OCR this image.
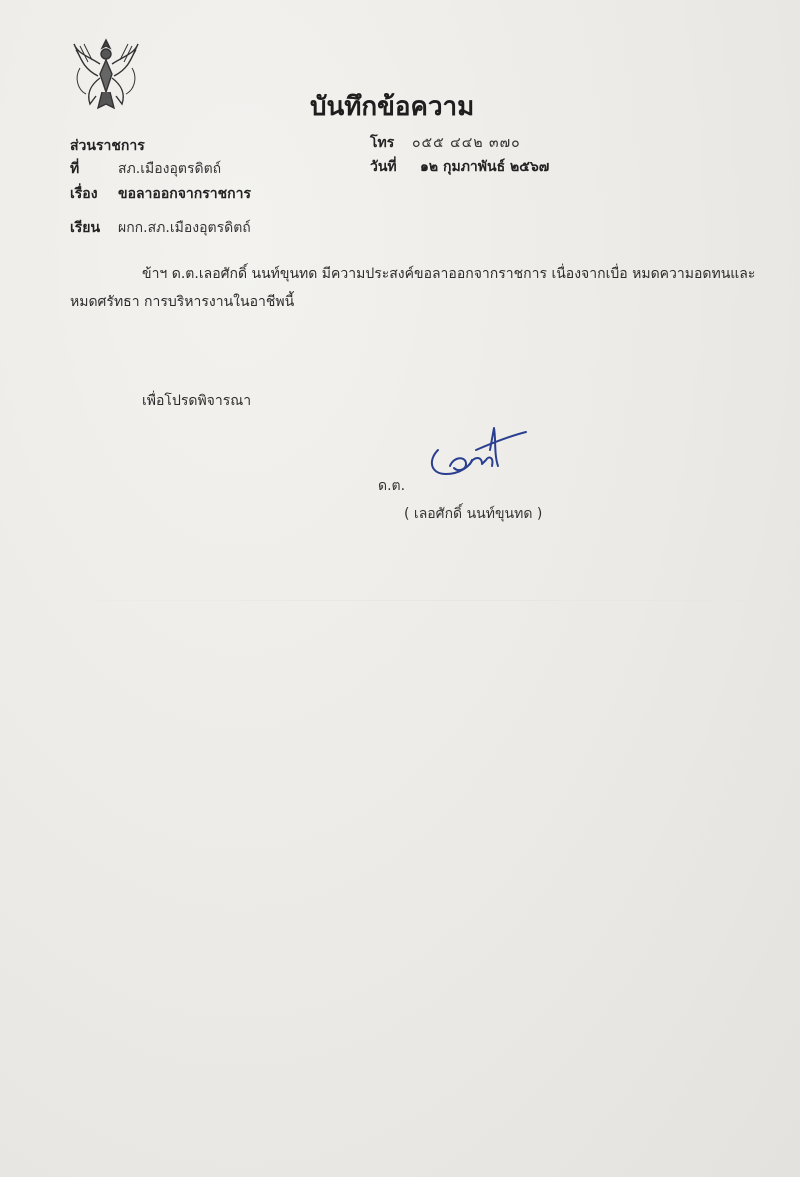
บันทึกข้อความ
ส่วนราชการ	โทร ๐๕๕ ๔๔๒ ๓๗๐
ที่	สภ.เมืองอุตรดิตถ์	วันที่ ๑๒ กุมภาพันธ์ ๒๕๖๗
เรื่อง ขอลาออกจากราชการ
เรียน ผกก.สภ.เมืองอุตรดิตถ์
ข้าฯ ด.ต.เลอศักดิ์ นนท์ขุนทด มีความประสงค์ขอลาออกจากราชการ เนื่องจากเบื่อ หมดความอดทนและ
หมดศรัทธา การบริหารงานในอาชีพนี้
เพื่อโปรดพิจารณา
ด.ต.
( เลอศักดิ์ นนท์ขุนทด )
